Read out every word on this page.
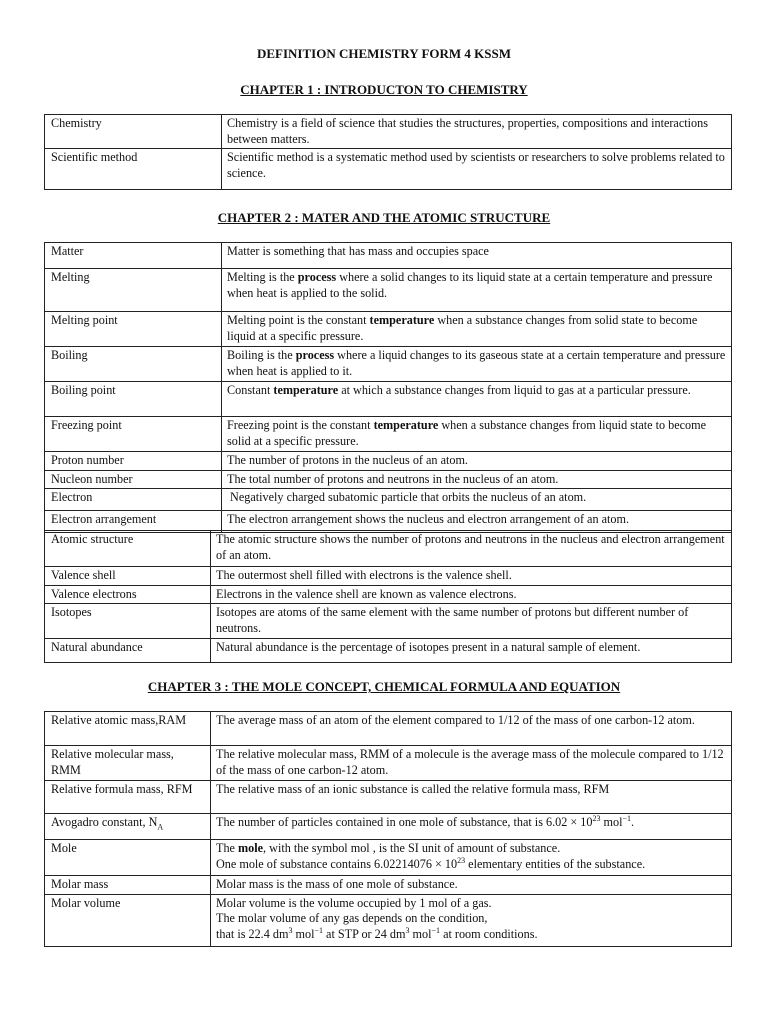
DEFINITION CHEMISTRY FORM 4 KSSM
CHAPTER 1 : INTRODUCTON TO CHEMISTRY
Chemistry	Chemistry is a field of science that studies the structures, properties, compositions and interactions between matters.
Scientific method	Scientific method is a systematic method used by scientists or researchers to solve problems related to science.
CHAPTER 2 : MATER AND THE ATOMIC STRUCTURE
Matter	Matter is something that has mass and occupies space
Melting	Melting is the process where a solid changes to its liquid state at a certain temperature and pressure when heat is applied to the solid.
Melting point	Melting point is the constant temperature when a substance changes from solid state to become liquid at a specific pressure.
Boiling	Boiling is the process where a liquid changes to its gaseous state at a certain temperature and pressure when heat is applied to it.
Boiling point	Constant temperature at which a substance changes from liquid to gas at a particular pressure.
Freezing point	Freezing point is the constant temperature when a substance changes from liquid state to become solid at a specific pressure.
Proton number	The number of protons in the nucleus of an atom.
Nucleon number	The total number of protons and neutrons in the nucleus of an atom.
Electron	Negatively charged subatomic particle that orbits the nucleus of an atom.
Electron arrangement	The electron arrangement shows the nucleus and electron arrangement of an atom.
Atomic structure	The atomic structure shows the number of protons and neutrons in the nucleus and electron arrangement of an atom.
Valence shell	The outermost shell filled with electrons is the valence shell.
Valence electrons	Electrons in the valence shell are known as valence electrons.
Isotopes	Isotopes are atoms of the same element with the same number of protons but different number of neutrons.
Natural abundance	Natural abundance is the percentage of isotopes present in a natural sample of element.
CHAPTER 3 : THE MOLE CONCEPT, CHEMICAL FORMULA AND EQUATION
Relative atomic mass,RAM	The average mass of an atom of the element compared to 1/12 of the mass of one carbon-12 atom.
Relative molecular mass, RMM	The relative molecular mass, RMM of a molecule is the average mass of the molecule compared to 1/12 of the mass of one carbon-12 atom.
Relative formula mass, RFM	The relative mass of an ionic substance is called the relative formula mass, RFM
Avogadro constant, $N_A$	The number of particles contained in one mole of substance, that is $6.02 \times 10^{23}$ mol$^{-1}$.
Mole	The mole, with the symbol mol , is the SI unit of amount of substance.
One mole of substance contains $6.02214076 \times 10^{23}$ elementary entities of the substance.

Molar mass	Molar mass is the mass of one mole of substance.
Molar volume	Molar volume is the volume occupied by 1 mol of a gas.
The molar volume of any gas depends on the condition,
that is 22.4 $dm^3$ mol$^{-1}$ at STP or 24 $dm^3$ mol$^{-1}$ at room conditions.
